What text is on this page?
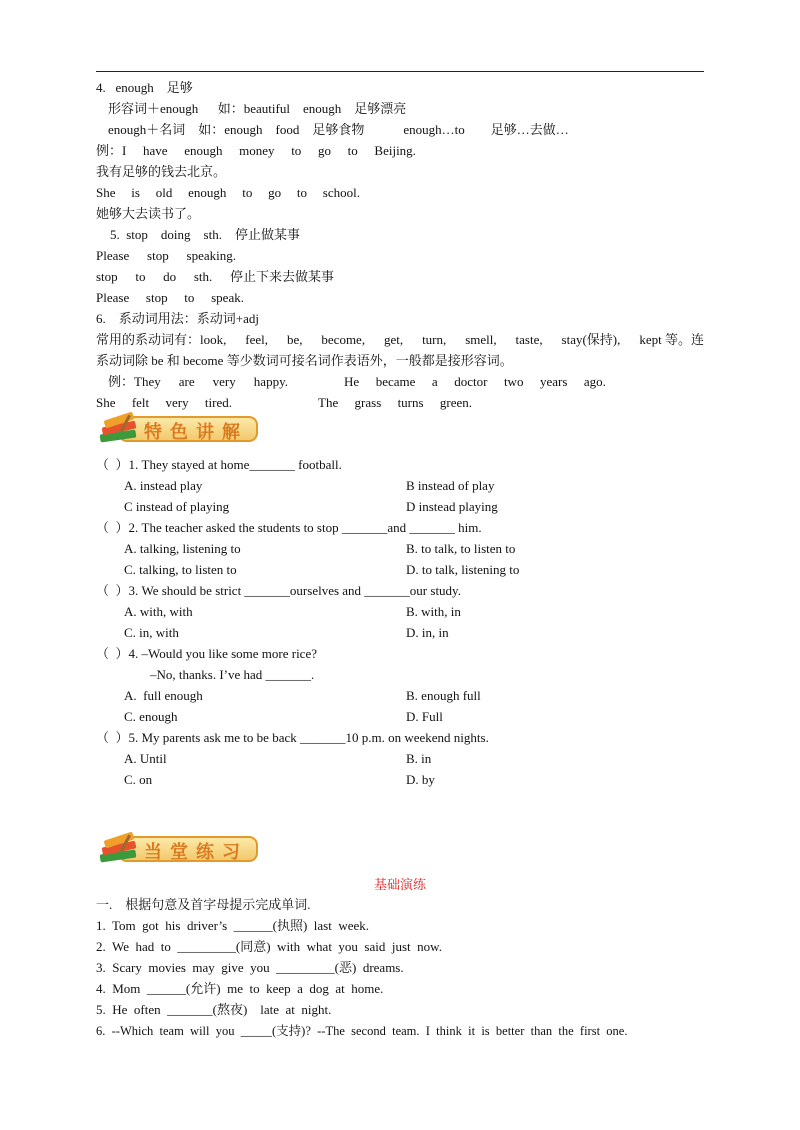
4.   enough    足够
形容词＋enough      如：beautiful    enough    足够漂亮
enough＋名词    如：enough    food    足够食物            enough…to        足够…去做…
例：I have enough money to go to Beijing.
我有足够的钱去北京。
She is old enough to go to school.
她够大去读书了。
5.  stop    doing    sth.    停止做某事
Please stop speaking.
stop to do sth. 停止下来去做某事
Please stop to speak.
6.    系动词用法：系动词+adj
常用的系动词有：look, feel, be, become, get, turn, smell, taste, stay(保持), kept 等。连
系动词除 be 和 become 等少数词可接名词作表语外，一般都是接形容词。
例：They are very happy.	He became a doctor two years ago.
She felt very tired.	The grass turns green.
特色讲解
（  ）1. They stayed at home_______ football.
A. instead play	B instead of play
C instead of playing	D instead playing
（  ）2. The teacher asked the students to stop _______and _______ him.
A. talking, listening to	B. to talk, to listen to
C. talking, to listen to	D. to talk, listening to
（  ）3. We should be strict _______ourselves and _______our study.
A. with, with	B. with, in
C. in, with	D. in, in
（  ）4. –Would you like some more rice?
–No, thanks. I’ve had _______.
A.  full enough	B. enough full
C. enough	D. Full
（  ）5. My parents ask me to be back _______10 p.m. on weekend nights.
A. Until	B. in
C. on	D. by
当堂练习
基础演练
一.    根据句意及首字母提示完成单词.
1.  Tom  got  his  driver’s  ______(执照)  last  week.
2.  We  had  to  _________(同意)  with  what  you  said  just  now.
3.  Scary  movies  may  give  you  _________(恶)  dreams.
4.  Mom  ______(允许)  me  to  keep  a  dog  at  home.
5.  He  often  _______(熬夜)    late  at  night.
6.  --Which  team  will  you  _____(支持)?  --The  second  team.  I  think  it  is  better  than  the  first  one.
